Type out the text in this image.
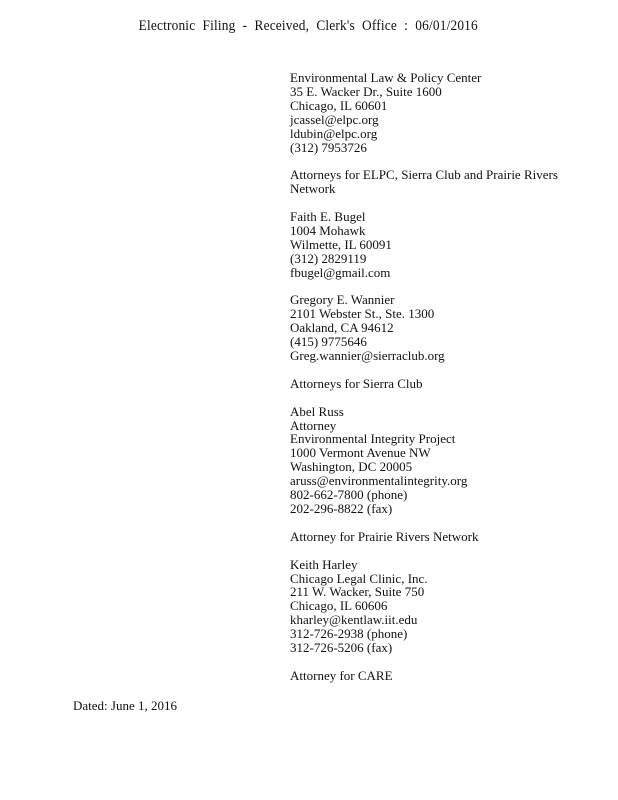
Electronic Filing - Received, Clerk's Office : 06/01/2016
Environmental Law & Policy Center
35 E. Wacker Dr., Suite 1600
Chicago, IL 60601
jcassel@elpc.org
ldubin@elpc.org
(312) 7953726
Attorneys for ELPC, Sierra Club and Prairie Rivers Network
Faith E. Bugel
1004 Mohawk
Wilmette, IL 60091
(312) 2829119
fbugel@gmail.com
Gregory E. Wannier
2101 Webster St., Ste. 1300
Oakland, CA 94612
(415) 9775646
Greg.wannier@sierraclub.org
Attorneys for Sierra Club
Abel Russ
Attorney
Environmental Integrity Project
1000 Vermont Avenue NW
Washington, DC 20005
aruss@environmentalintegrity.org
802-662-7800 (phone)
202-296-8822 (fax)
Attorney for Prairie Rivers Network
Keith Harley
Chicago Legal Clinic, Inc.
211 W. Wacker, Suite 750
Chicago, IL 60606
kharley@kentlaw.iit.edu
312-726-2938 (phone)
312-726-5206 (fax)
Attorney for CARE
Dated: June 1, 2016
